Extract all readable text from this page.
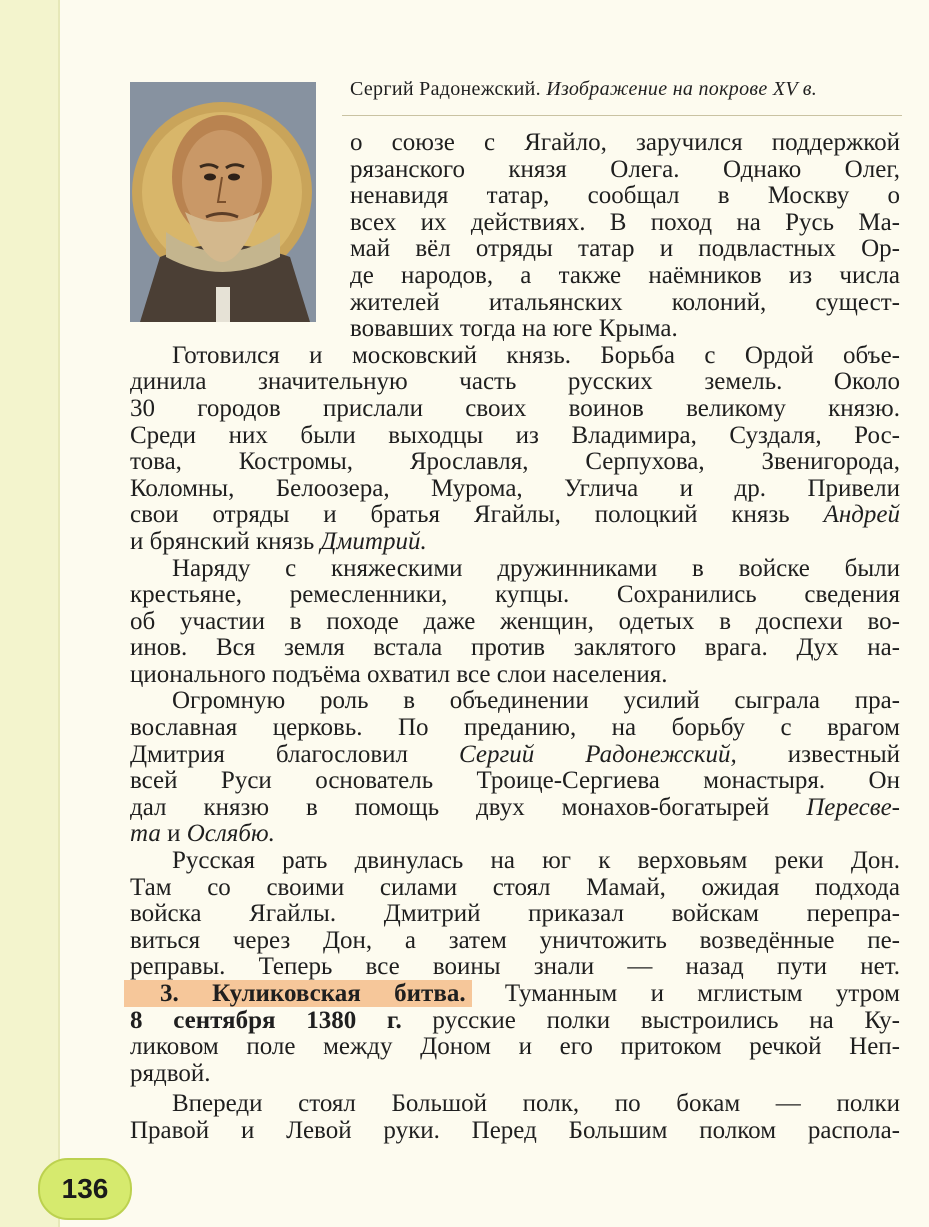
Сергий Радонежский. Изображение на покрове XV в.
о союзе с Ягайло, заручился поддержкой
рязанского князя Олега. Однако Олег,
ненавидя татар, сообщал в Москву о
всех их действиях. В поход на Русь Ма-
май вёл отряды татар и подвластных Ор-
де народов, а также наёмников из числа
жителей итальянских колоний, сущест-
вовавших тогда на юге Крыма.
Готовился и московский князь. Борьба с Ордой объе-
динила значительную часть русских земель. Около
30 городов прислали своих воинов великому князю.
Среди них были выходцы из Владимира, Суздаля, Рос-
това, Костромы, Ярославля, Серпухова, Звенигорода,
Коломны, Белоозера, Мурома, Углича и др. Привели
свои отряды и братья Ягайлы, полоцкий князь Андрей
и брянский князь Дмитрий.
Наряду с княжескими дружинниками в войске были
крестьяне, ремесленники, купцы. Сохранились сведения
об участии в походе даже женщин, одетых в доспехи во-
инов. Вся земля встала против заклятого врага. Дух на-
ционального подъёма охватил все слои населения.
Огромную роль в объединении усилий сыграла пра-
вославная церковь. По преданию, на борьбу с врагом
Дмитрия благословил Сергий Радонежский, известный
всей Руси основатель Троице-Сергиева монастыря. Он
дал князю в помощь двух монахов-богатырей Пересве-
та и Ослябю.
Русская рать двинулась на юг к верховьям реки Дон.
Там со своими силами стоял Мамай, ожидая подхода
войска Ягайлы. Дмитрий приказал войскам перепра-
виться через Дон, а затем уничтожить возведённые пе-
реправы. Теперь все воины знали — назад пути нет.
3. Куликовская битва. Туманным и мглистым утром
8 сентября 1380 г. русские полки выстроились на Ку-
ликовом поле между Доном и его притоком речкой Неп-
рядвой.
Впереди стоял Большой полк, по бокам — полки
Правой и Левой руки. Перед Большим полком распола-
136
